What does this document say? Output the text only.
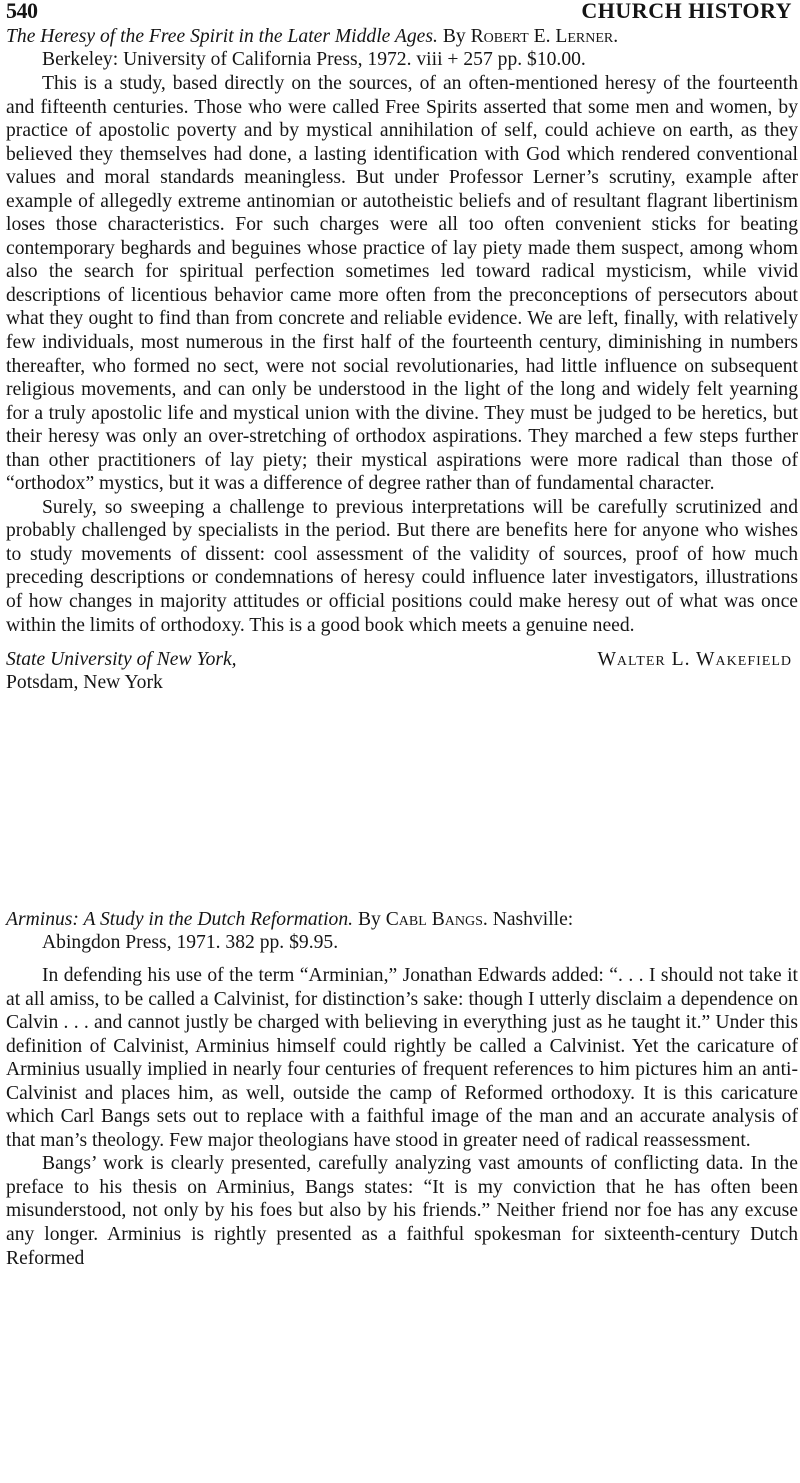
540	CHURCH HISTORY
The Heresy of the Free Spirit in the Later Middle Ages. By Robert E. Lerner.
Berkeley: University of California Press, 1972. viii + 257 pp. $10.00.

This is a study, based directly on the sources, of an often-mentioned heresy of the fourteenth and fifteenth centuries. Those who were called Free Spirits asserted that some men and women, by practice of apostolic poverty and by mystical annihilation of self, could achieve on earth, as they believed they themselves had done, a lasting identification with God which rendered conventional values and moral standards meaningless. But under Professor Lerner’s scrutiny, example after example of allegedly extreme antinomian or autotheistic beliefs and of resultant flagrant libertinism loses those characteristics. For such charges were all too often convenient sticks for beating contemporary beghards and beguines whose practice of lay piety made them suspect, among whom also the search for spiritual perfection sometimes led toward radical mysticism, while vivid descriptions of licentious behavior came more often from the preconceptions of persecutors about what they ought to find than from concrete and reliable evidence. We are left, finally, with relatively few individuals, most numerous in the first half of the fourteenth century, diminishing in numbers thereafter, who formed no sect, were not social revolutionaries, had little influence on subsequent religious movements, and can only be understood in the light of the long and widely felt yearning for a truly apostolic life and mystical union with the divine. They must be judged to be heretics, but their heresy was only an over-stretching of orthodox aspirations. They marched a few steps further than other practitioners of lay piety; their mystical aspirations were more radical than those of “orthodox” mystics, but it was a difference of degree rather than of fundamental character.

Surely, so sweeping a challenge to previous interpretations will be carefully scrutinized and probably challenged by specialists in the period. But there are benefits here for anyone who wishes to study movements of dissent: cool assessment of the validity of sources, proof of how much preceding descriptions or condemnations of heresy could influence later investigators, illustrations of how changes in majority attitudes or official positions could make heresy out of what was once within the limits of orthodoxy. This is a good book which meets a genuine need.

State University of New York,
Potsdam, New York
Walter L. Wakefield
Arminus: A Study in the Dutch Reformation. By Cabl Bangs. Nashville:
Abingdon Press, 1971. 382 pp. $9.95.

In defending his use of the term “Arminian,” Jonathan Edwards added: “. . . I should not take it at all amiss, to be called a Calvinist, for distinction’s sake: though I utterly disclaim a dependence on Calvin . . . and cannot justly be charged with believing in everything just as he taught it.” Under this definition of Calvinist, Arminius himself could rightly be called a Calvinist. Yet the caricature of Arminius usually implied in nearly four centuries of frequent references to him pictures him an anti-Calvinist and places him, as well, outside the camp of Reformed orthodoxy. It is this caricature which Carl Bangs sets out to replace with a faithful image of the man and an accurate analysis of that man’s theology. Few major theologians have stood in greater need of radical reassessment.

Bangs’ work is clearly presented, carefully analyzing vast amounts of conflicting data. In the preface to his thesis on Arminius, Bangs states: “It is my conviction that he has often been misunderstood, not only by his foes but also by his friends.” Neither friend nor foe has any excuse any longer. Arminius is rightly presented as a faithful spokesman for sixteenth-century Dutch Reformed
